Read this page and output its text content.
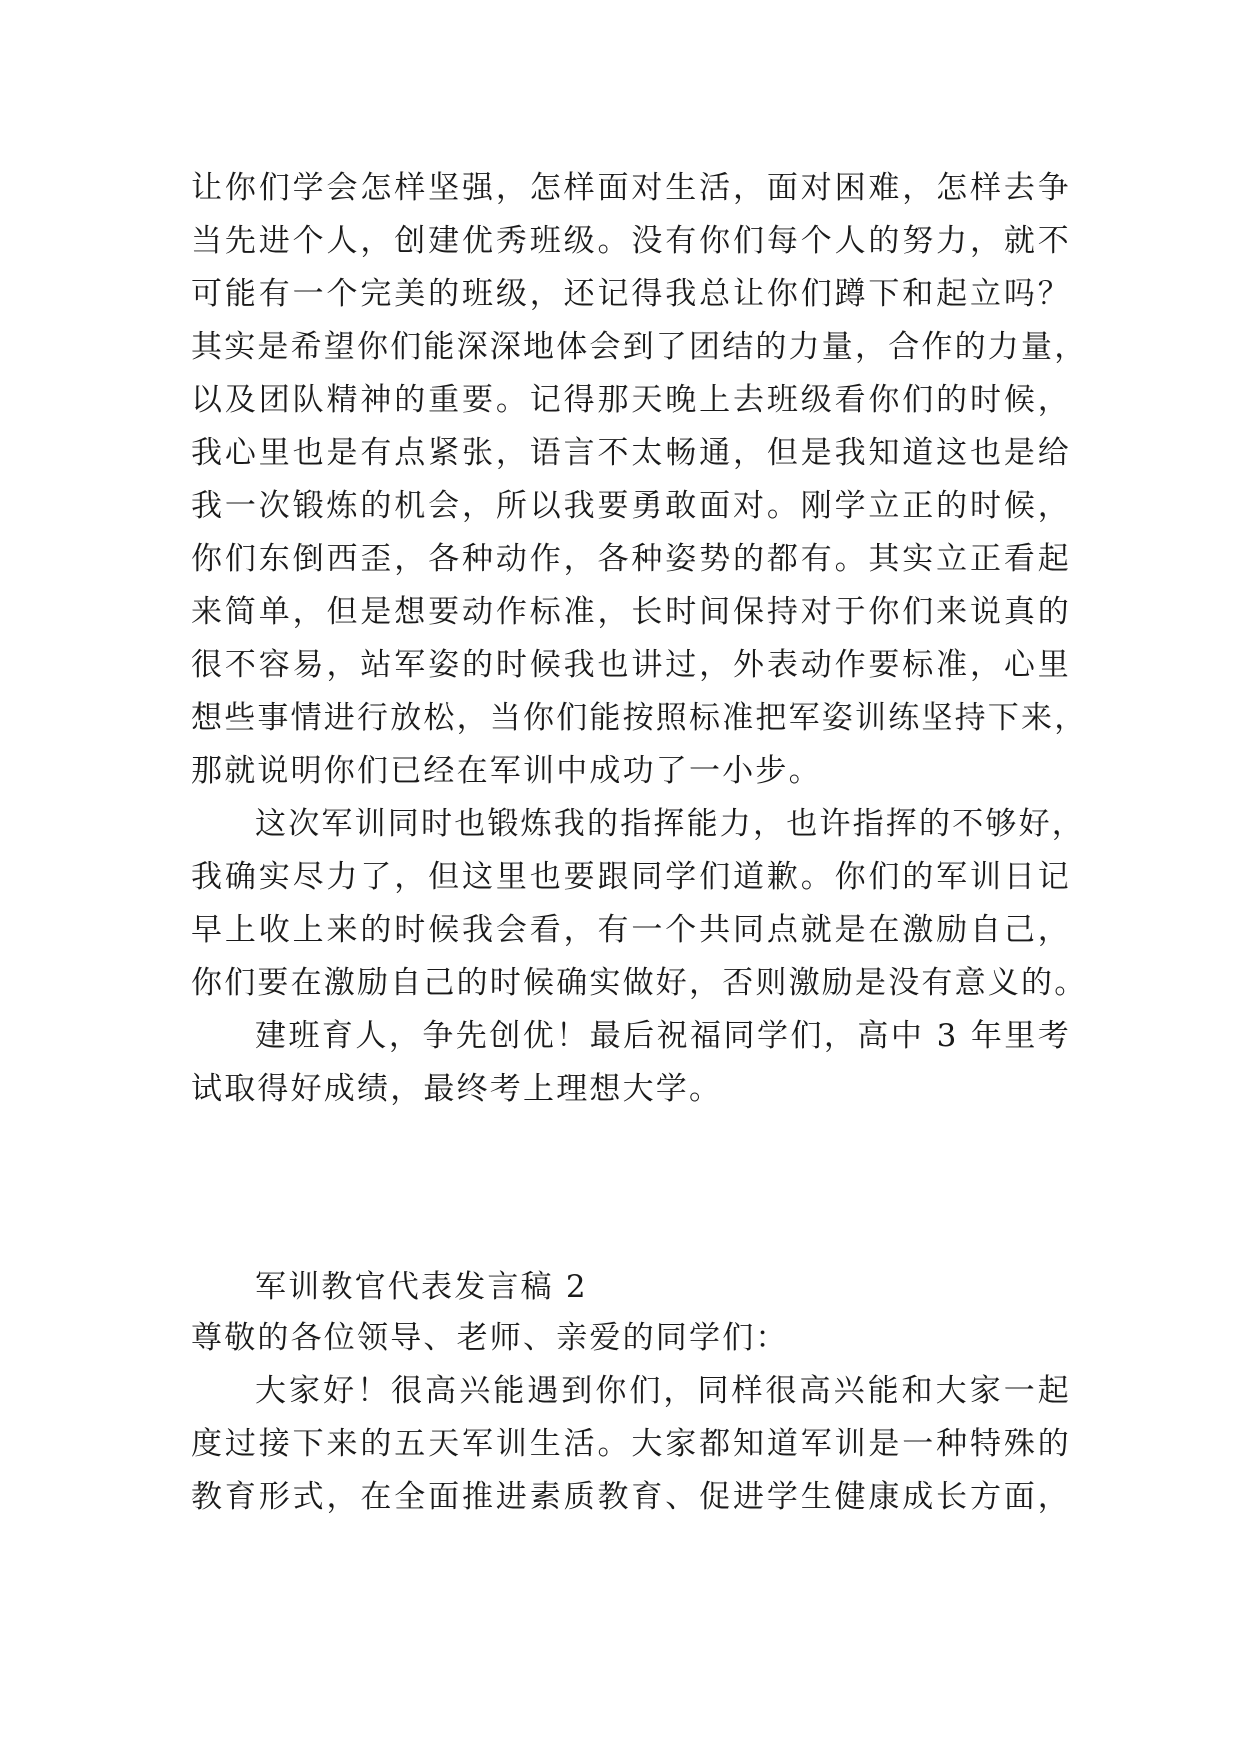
让你们学会怎样坚强，怎样面对生活，面对困难，怎样去争
当先进个人，创建优秀班级。没有你们每个人的努力，就不
可能有一个完美的班级，还记得我总让你们蹲下和起立吗？
其实是希望你们能深深地体会到了团结的力量，合作的力量，
以及团队精神的重要。记得那天晚上去班级看你们的时候，
我心里也是有点紧张，语言不太畅通，但是我知道这也是给
我一次锻炼的机会，所以我要勇敢面对。刚学立正的时候，
你们东倒西歪，各种动作，各种姿势的都有。其实立正看起
来简单，但是想要动作标准，长时间保持对于你们来说真的
很不容易，站军姿的时候我也讲过，外表动作要标准，心里
想些事情进行放松，当你们能按照标准把军姿训练坚持下来，
那就说明你们已经在军训中成功了一小步。
这次军训同时也锻炼我的指挥能力，也许指挥的不够好，
我确实尽力了，但这里也要跟同学们道歉。你们的军训日记
早上收上来的时候我会看，有一个共同点就是在激励自己，
你们要在激励自己的时候确实做好，否则激励是没有意义的。
建班育人，争先创优！最后祝福同学们，高中 3 年里考
试取得好成绩，最终考上理想大学。
军训教官代表发言稿 2
尊敬的各位领导、老师、亲爱的同学们：
大家好！很高兴能遇到你们，同样很高兴能和大家一起
度过接下来的五天军训生活。大家都知道军训是一种特殊的
教育形式，在全面推进素质教育、促进学生健康成长方面，
